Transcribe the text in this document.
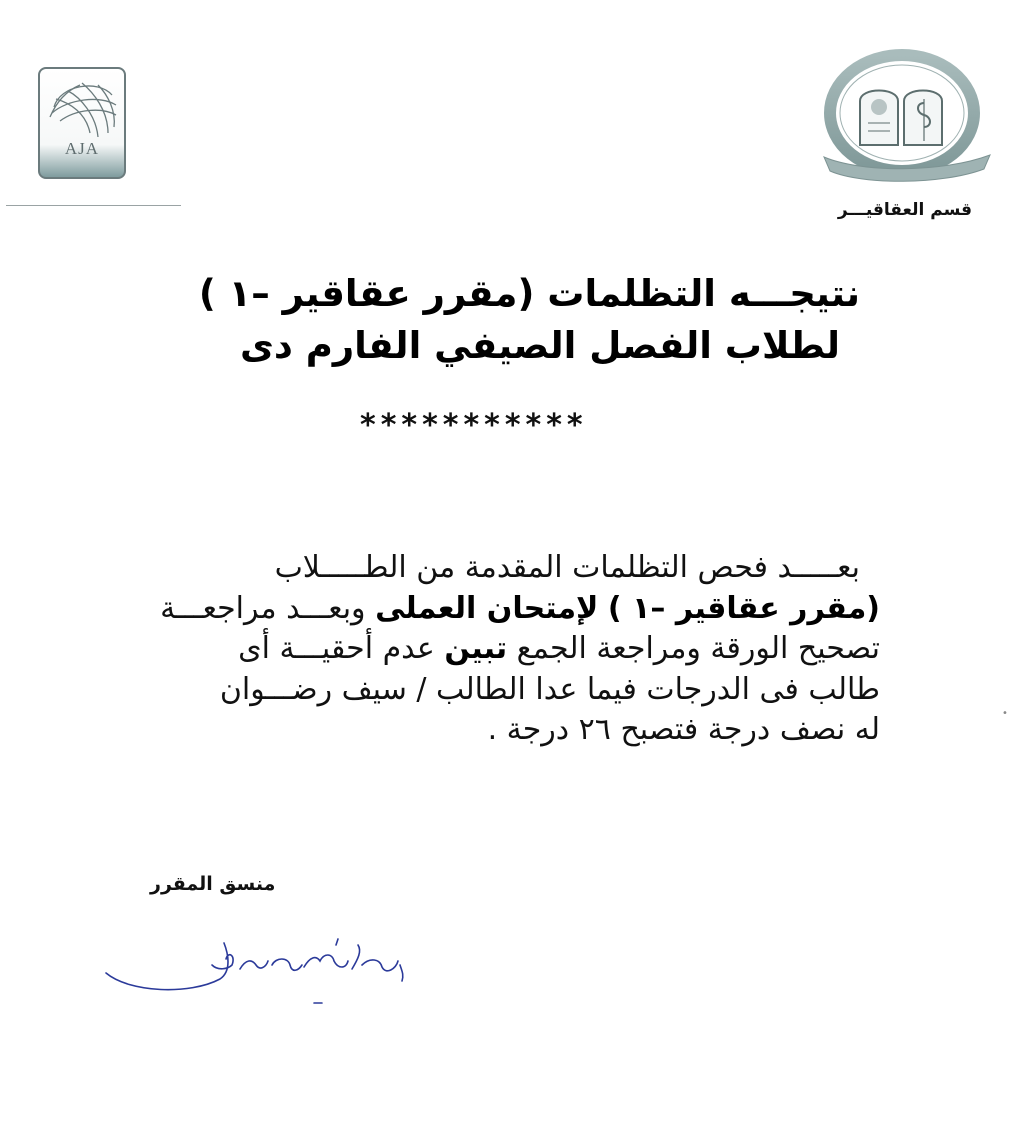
AJA
قسم العقاقيـــر
نتيجـــه التظلمات (مقرر عقاقير –١ )
لطلاب الفصل الصيفي الفارم دى
***********
بعـــــد فحص التظلمات المقدمة من الطـــــلاب
(مقرر عقاقير –١ ) لإمتحان العملى وبعـــد مراجعـــة
تصحيح الورقة ومراجعة الجمع تبين عدم أحقيـــة أى
طالب فى الدرجات فيما عدا الطالب / سيف رضـــوان
له نصف درجة فتصبح ٢٦ درجة .	•
منسق المقرر
